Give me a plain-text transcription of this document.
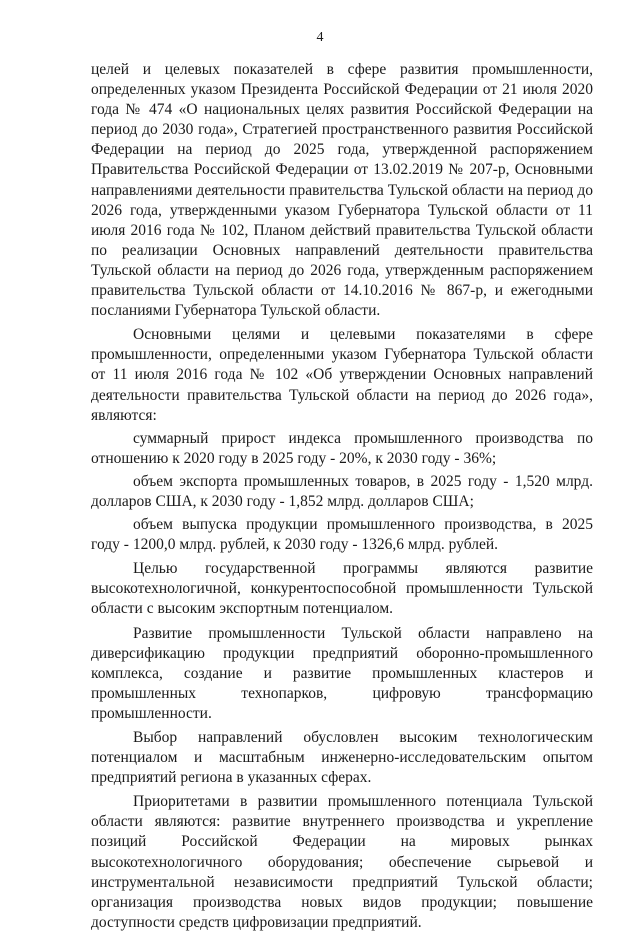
4

целей и целевых показателей в сфере развития промышленности, определенных указом Президента Российской Федерации от 21 июля 2020 года № 474 «О национальных целях развития Российской Федерации на период до 2030 года», Стратегией пространственного развития Российской Федерации на период до 2025 года, утвержденной распоряжением Правительства Российской Федерации от 13.02.2019 № 207-р, Основными направлениями деятельности правительства Тульской области на период до 2026 года, утвержденными указом Губернатора Тульской области от 11 июля 2016 года № 102, Планом действий правительства Тульской области по реализации Основных направлений деятельности правительства Тульской области на период до 2026 года, утвержденным распоряжением правительства Тульской области от 14.10.2016 № 867-р, и ежегодными посланиями Губернатора Тульской области.

Основными целями и целевыми показателями в сфере промышленности, определенными указом Губернатора Тульской области от 11 июля 2016 года № 102 «Об утверждении Основных направлений деятельности правительства Тульской области на период до 2026 года», являются:

суммарный прирост индекса промышленного производства по отношению к 2020 году в 2025 году - 20%, к 2030 году - 36%;

объем экспорта промышленных товаров, в 2025 году - 1,520 млрд. долларов США, к 2030 году - 1,852 млрд. долларов США;

объем выпуска продукции промышленного производства, в 2025 году - 1200,0 млрд. рублей, к 2030 году - 1326,6 млрд. рублей.

Целью государственной программы являются развитие высокотехнологичной, конкурентоспособной промышленности Тульской области с высоким экспортным потенциалом.

Развитие промышленности Тульской области направлено на диверсификацию продукции предприятий оборонно-промышленного комплекса, создание и развитие промышленных кластеров и промышленных технопарков, цифровую трансформацию промышленности.

Выбор направлений обусловлен высоким технологическим потенциалом и масштабным инженерно-исследовательским опытом предприятий региона в указанных сферах.

Приоритетами в развитии промышленного потенциала Тульской области являются: развитие внутреннего производства и укрепление позиций Российской Федерации на мировых рынках высокотехнологичного оборудования; обеспечение сырьевой и инструментальной независимости предприятий Тульской области; организация производства новых видов продукции; повышение доступности средств цифровизации предприятий.
